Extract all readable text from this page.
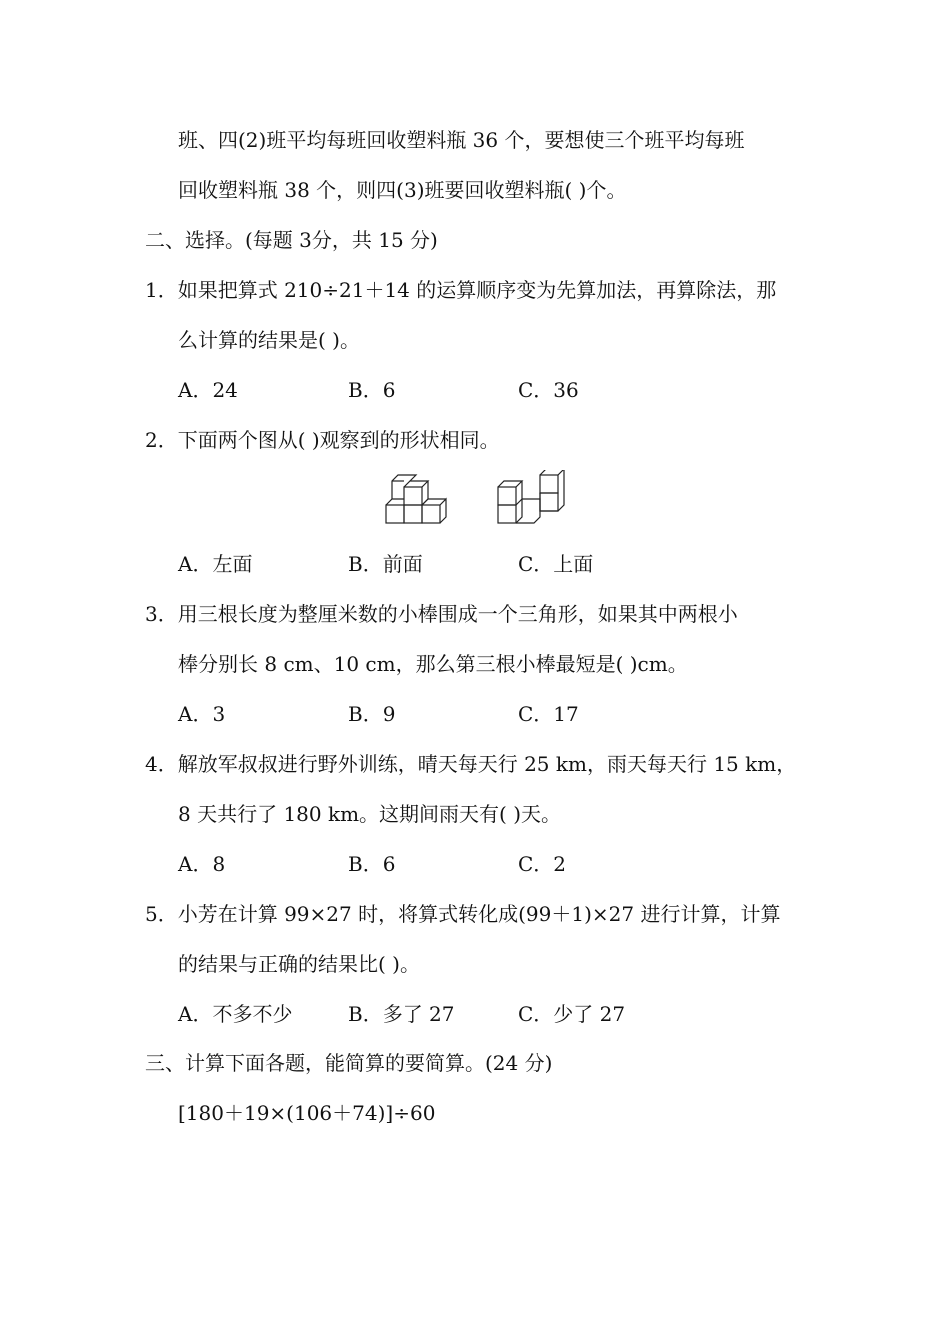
班、四(2)班平均每班回收塑料瓶 36 个，要想使三个班平均每班
回收塑料瓶 38 个，则四(3)班要回收塑料瓶( )个。
二、选择。(每题 3分，共 15 分)
1．如果把算式 210÷21＋14 的运算顺序变为先算加法，再算除法，那
么计算的结果是( )。
A．24	B．6	C．36
2．下面两个图从( )观察到的形状相同。
A．左面	B．前面	C．上面
3．用三根长度为整厘米数的小棒围成一个三角形，如果其中两根小
棒分别长 8 cm、10 cm，那么第三根小棒最短是( )cm。
A．3	B．9	C．17
4．解放军叔叔进行野外训练，晴天每天行 25 km，雨天每天行 15 km，
8 天共行了 180 km。这期间雨天有( )天。
A．8	B．6	C．2
5．小芳在计算 99×27 时，将算式转化成(99＋1)×27 进行计算，计算
的结果与正确的结果比( )。
A．不多不少	B．多了 27	C．少了 27
三、计算下面各题，能简算的要简算。(24 分)
[180＋19×(106＋74)]÷60
